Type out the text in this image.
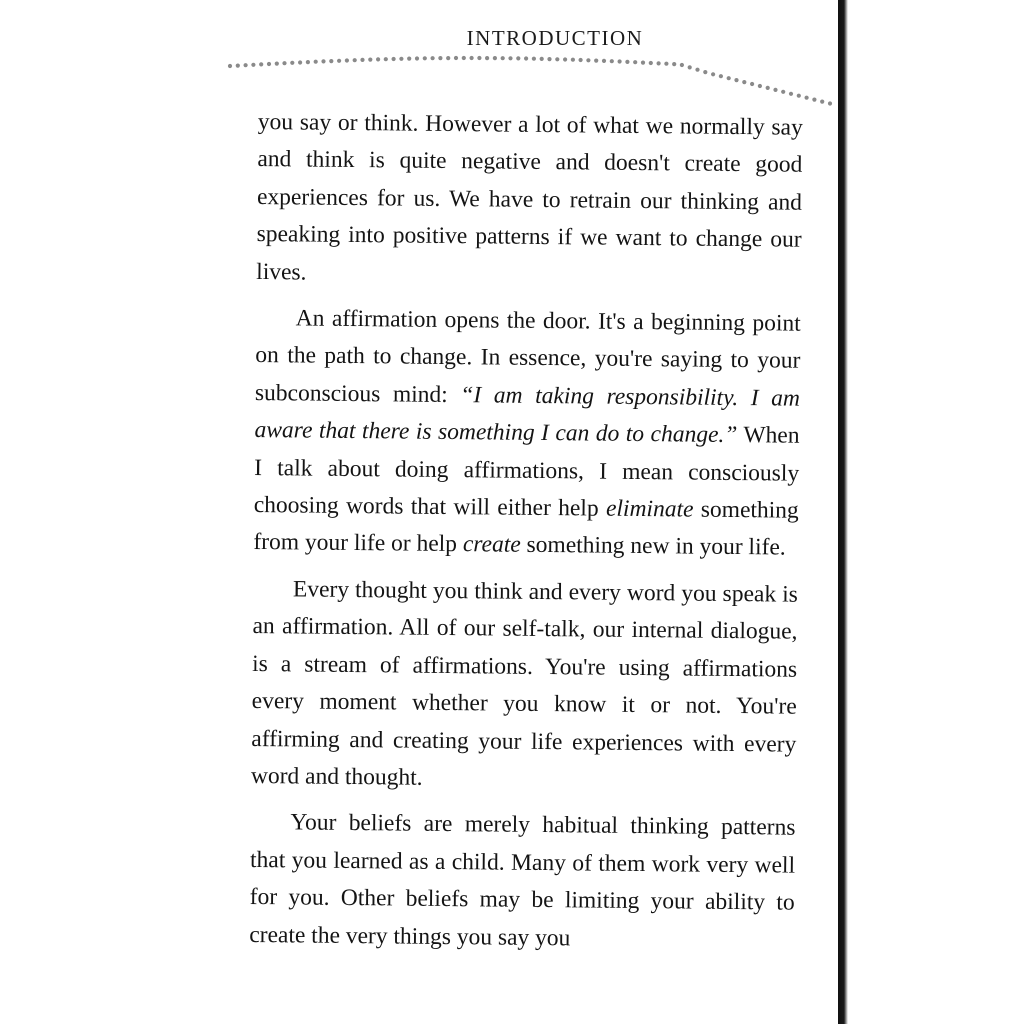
INTRODUCTION

you say or think. However a lot of what we normally say and think is quite negative and doesn't create good experiences for us. We have to retrain our thinking and speaking into positive patterns if we want to change our lives.

An affirmation opens the door. It's a beginning point on the path to change. In essence, you're saying to your subconscious mind: “I am taking responsibility. I am aware that there is something I can do to change.” When I talk about doing affirmations, I mean consciously choosing words that will either help eliminate something from your life or help create something new in your life.

Every thought you think and every word you speak is an affirmation. All of our self-talk, our internal dialogue, is a stream of affirmations. You're using affirmations every moment whether you know it or not. You're affirming and creating your life experiences with every word and thought.

Your beliefs are merely habitual thinking patterns that you learned as a child. Many of them work very well for you. Other beliefs may be limiting your ability to create the very things you say you
